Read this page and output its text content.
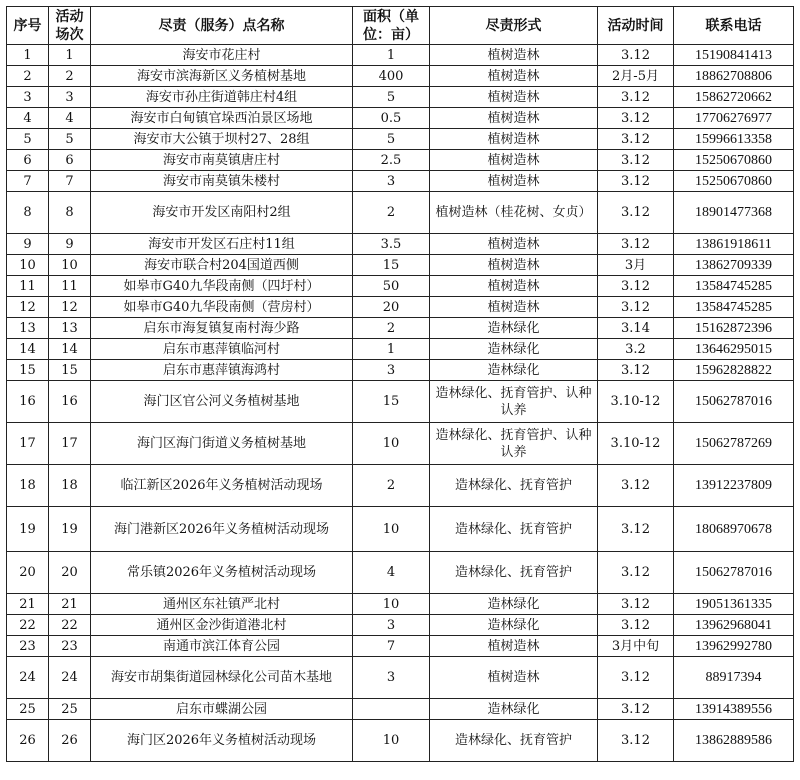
序号	活动场次	尽责（服务）点名称	面积（单位：亩）	尽责形式	活动时间	联系电话
1	1	海安市花庄村	1	植树造林	3.12	15190841413
2	2	海安市滨海新区义务植树基地	400	植树造林	2月-5月	18862708806
3	3	海安市孙庄街道韩庄村4组	5	植树造林	3.12	15862720662
4	4	海安市白甸镇官垛西泊景区场地	0.5	植树造林	3.12	17706276977
5	5	海安市大公镇于坝村27、28组	5	植树造林	3.12	15996613358
6	6	海安市南莫镇唐庄村	2.5	植树造林	3.12	15250670860
7	7	海安市南莫镇朱楼村	3	植树造林	3.12	15250670860
8	8	海安市开发区南阳村2组	2	植树造林（桂花树、女贞）	3.12	18901477368
9	9	海安市开发区石庄村11组	3.5	植树造林	3.12	13861918611
10	10	海安市联合村204国道西侧	15	植树造林	3月	13862709339
11	11	如皋市G40九华段南侧（四圩村）	50	植树造林	3.12	13584745285
12	12	如皋市G40九华段南侧（营房村）	20	植树造林	3.12	13584745285
13	13	启东市海复镇复南村海少路	2	造林绿化	3.14	15162872396
14	14	启东市惠萍镇临河村	1	造林绿化	3.2	13646295015
15	15	启东市惠萍镇海鸿村	3	造林绿化	3.12	15962828822
16	16	海门区官公河义务植树基地	15	造林绿化、抚育管护、认种认养	3.10-12	15062787016
17	17	海门区海门街道义务植树基地	10	造林绿化、抚育管护、认种认养	3.10-12	15062787269
18	18	临江新区2026年义务植树活动现场	2	造林绿化、抚育管护	3.12	13912237809
19	19	海门港新区2026年义务植树活动现场	10	造林绿化、抚育管护	3.12	18068970678
20	20	常乐镇2026年义务植树活动现场	4	造林绿化、抚育管护	3.12	15062787016
21	21	通州区东社镇严北村	10	造林绿化	3.12	19051361335
22	22	通州区金沙街道港北村	3	造林绿化	3.12	13962968041
23	23	南通市滨江体育公园	7	植树造林	3月中旬	13962992780
24	24	海安市胡集街道园林绿化公司苗木基地	3	植树造林	3.12	88917394
25	25	启东市蝶湖公园		造林绿化	3.12	13914389556
26	26	海门区2026年义务植树活动现场	10	造林绿化、抚育管护	3.12	13862889586
